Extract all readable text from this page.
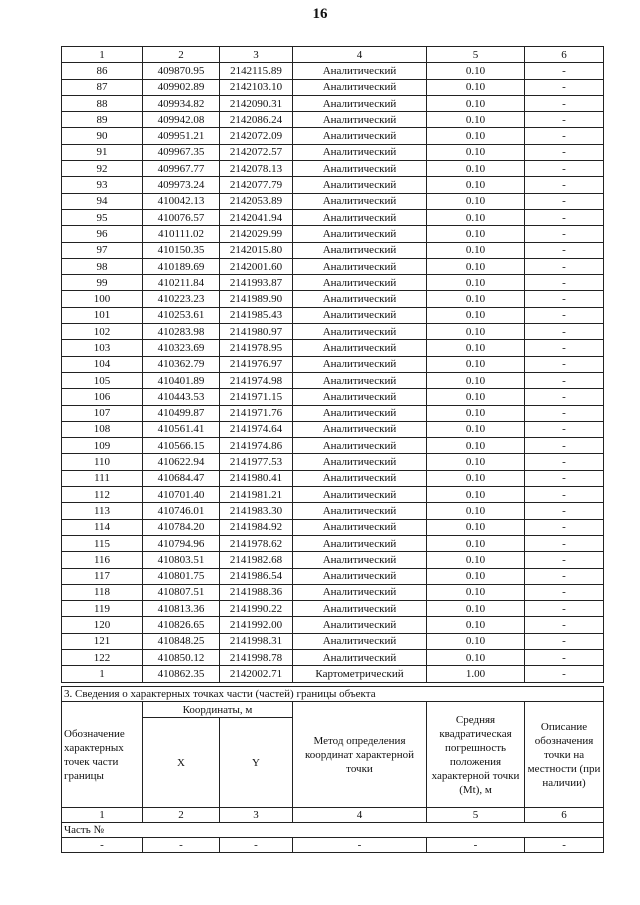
16
1	2	3	4	5	6
86	409870.95	2142115.89	Аналитический	0.10	-
87	409902.89	2142103.10	Аналитический	0.10	-
88	409934.82	2142090.31	Аналитический	0.10	-
89	409942.08	2142086.24	Аналитический	0.10	-
90	409951.21	2142072.09	Аналитический	0.10	-
91	409967.35	2142072.57	Аналитический	0.10	-
92	409967.77	2142078.13	Аналитический	0.10	-
93	409973.24	2142077.79	Аналитический	0.10	-
94	410042.13	2142053.89	Аналитический	0.10	-
95	410076.57	2142041.94	Аналитический	0.10	-
96	410111.02	2142029.99	Аналитический	0.10	-
97	410150.35	2142015.80	Аналитический	0.10	-
98	410189.69	2142001.60	Аналитический	0.10	-
99	410211.84	2141993.87	Аналитический	0.10	-
100	410223.23	2141989.90	Аналитический	0.10	-
101	410253.61	2141985.43	Аналитический	0.10	-
102	410283.98	2141980.97	Аналитический	0.10	-
103	410323.69	2141978.95	Аналитический	0.10	-
104	410362.79	2141976.97	Аналитический	0.10	-
105	410401.89	2141974.98	Аналитический	0.10	-
106	410443.53	2141971.15	Аналитический	0.10	-
107	410499.87	2141971.76	Аналитический	0.10	-
108	410561.41	2141974.64	Аналитический	0.10	-
109	410566.15	2141974.86	Аналитический	0.10	-
110	410622.94	2141977.53	Аналитический	0.10	-
111	410684.47	2141980.41	Аналитический	0.10	-
112	410701.40	2141981.21	Аналитический	0.10	-
113	410746.01	2141983.30	Аналитический	0.10	-
114	410784.20	2141984.92	Аналитический	0.10	-
115	410794.96	2141978.62	Аналитический	0.10	-
116	410803.51	2141982.68	Аналитический	0.10	-
117	410801.75	2141986.54	Аналитический	0.10	-
118	410807.51	2141988.36	Аналитический	0.10	-
119	410813.36	2141990.22	Аналитический	0.10	-
120	410826.65	2141992.00	Аналитический	0.10	-
121	410848.25	2141998.31	Аналитический	0.10	-
122	410850.12	2141998.78	Аналитический	0.10	-
1	410862.35	2142002.71	Картометрический	1.00	-
3. Сведения о характерных точках части (частей) границы объекта					
Обозначение характерных точек части границы	Координаты, м		Метод определения координат характерной точки	Средняя квадратическая погрешность положения характерной точки (Mt), м	Описание обозначения точки на местности (при наличии)
	X	Y			
1	2	3	4	5	6
Часть №					
-	-	-	-	-	-
